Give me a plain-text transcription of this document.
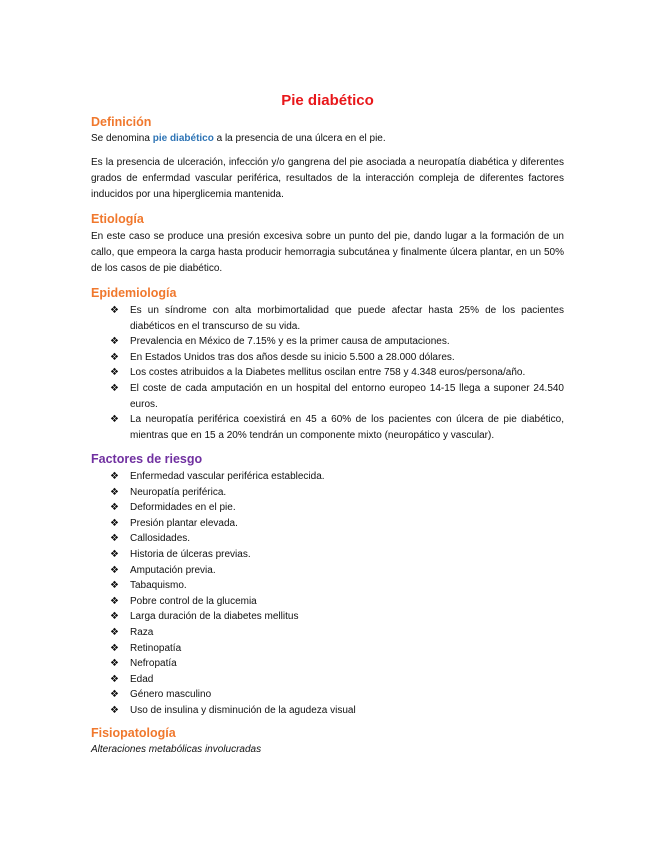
Pie diabético
Definición
Se denomina pie diabético a la presencia de una úlcera en el pie.
Es la presencia de ulceración, infección y/o gangrena del pie asociada a neuropatía diabética y diferentes grados de enfermdad vascular periférica, resultados de la interacción compleja de diferentes factores inducidos por una hiperglicemia mantenida.
Etiología
En este caso se produce una presión excesiva sobre un punto del pie, dando lugar a la formación de un callo, que empeora la carga hasta producir hemorragia subcutánea y finalmente úlcera plantar, en un 50% de los casos de pie diabético.
Epidemiología
❖ Es un síndrome con alta morbimortalidad que puede afectar hasta 25% de los pacientes diabéticos en el transcurso de su vida.
❖ Prevalencia en México de 7.15% y es la primer causa de amputaciones.
❖ En Estados Unidos tras dos años desde su inicio 5.500 a 28.000 dólares.
❖ Los costes atribuidos a la Diabetes mellitus oscilan entre 758 y 4.348 euros/persona/año.
❖ El coste de cada amputación en un hospital del entorno europeo 14-15 llega a suponer 24.540 euros.
❖ La neuropatía periférica coexistirá en 45 a 60% de los pacientes con úlcera de pie diabético, mientras que en 15 a 20% tendrán un componente mixto (neuropático y vascular).
Factores de riesgo
❖ Enfermedad vascular periférica establecida.
❖ Neuropatía periférica.
❖ Deformidades en el pie.
❖ Presión plantar elevada.
❖ Callosidades.
❖ Historia de úlceras previas.
❖ Amputación previa.
❖ Tabaquismo.
❖ Pobre control de la glucemia
❖ Larga duración de la diabetes mellitus
❖ Raza
❖ Retinopatía
❖ Nefropatía
❖ Edad
❖ Género masculino
❖ Uso de insulina y disminución de la agudeza visual
Fisiopatología
Alteraciones metabólicas involucradas
